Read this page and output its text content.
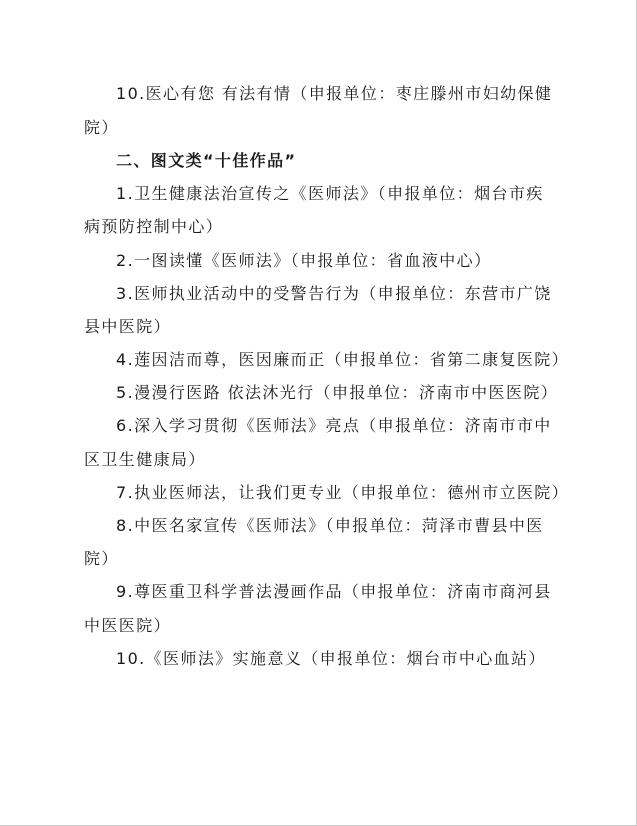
10.医心有您 有法有情（申报单位：枣庄滕州市妇幼保健
院）
二、图文类“十佳作品”
1.卫生健康法治宣传之《医师法》（申报单位：烟台市疾
病预防控制中心）
2.一图读懂《医师法》（申报单位：省血液中心）
3.医师执业活动中的受警告行为（申报单位：东营市广饶
县中医院）
4.莲因洁而尊，医因廉而正（申报单位：省第二康复医院）
5.漫漫行医路 依法沐光行（申报单位：济南市中医医院）
6.深入学习贯彻《医师法》亮点（申报单位：济南市市中
区卫生健康局）
7.执业医师法，让我们更专业（申报单位：德州市立医院）
8.中医名家宣传《医师法》（申报单位：菏泽市曹县中医
院）
9.尊医重卫科学普法漫画作品（申报单位：济南市商河县
中医医院）
10.《医师法》实施意义（申报单位：烟台市中心血站）
